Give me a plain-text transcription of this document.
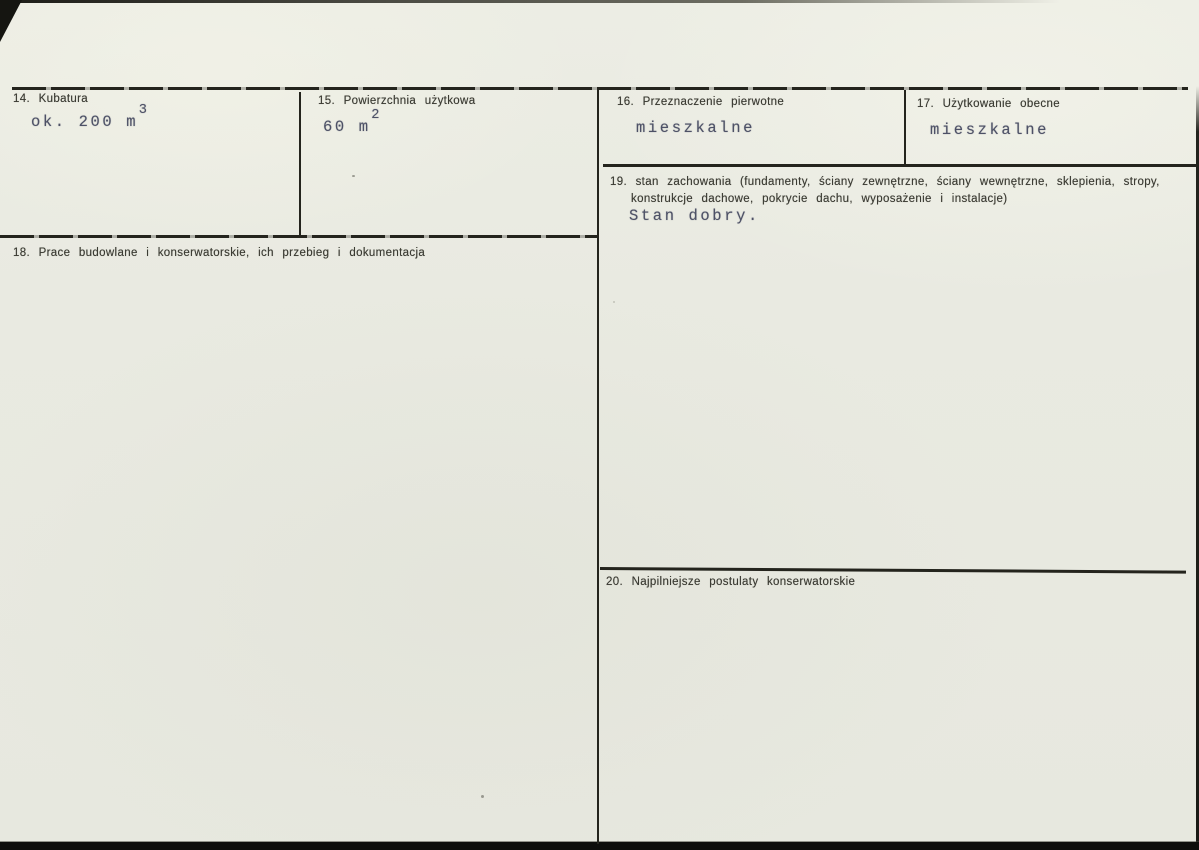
14. Kubatura
ok. 200 $m^3$
15. Powierzchnia użytkowa
60 $m^2$
16. Przeznaczenie pierwotne
mieszkalne
17. Użytkowanie obecne
mieszkalne
19. stan zachowania (fundamenty, ściany zewnętrzne, ściany wewnętrzne, sklepienia, stropy,
konstrukcje dachowe, pokrycie dachu, wyposażenie i instalacje)
Stan dobry.
18. Prace budowlane i konserwatorskie, ich przebieg i dokumentacja
20. Najpilniejsze postulaty konserwatorskie
